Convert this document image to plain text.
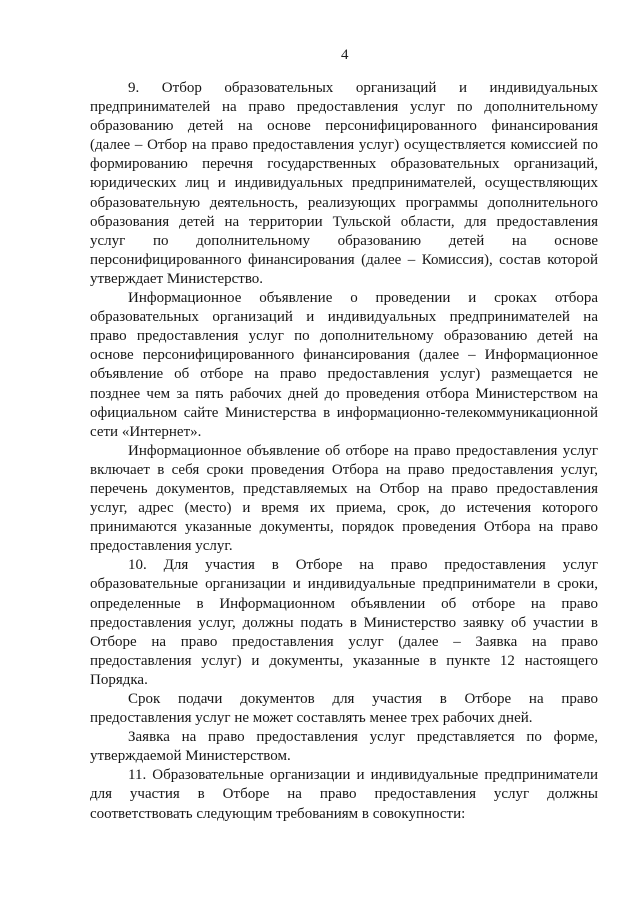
4
9. Отбор образовательных организаций и индивидуальных
предпринимателей на право предоставления услуг по дополнительному
образованию детей на основе персонифицированного финансирования
(далее – Отбор на право предоставления услуг) осуществляется комиссией по
формированию перечня государственных образовательных организаций,
юридических лиц и индивидуальных предпринимателей, осуществляющих
образовательную деятельность, реализующих программы дополнительного
образования детей на территории Тульской области, для предоставления
услуг по дополнительному образованию детей на основе
персонифицированного финансирования (далее – Комиссия), состав которой
утверждает Министерство.
Информационное объявление о проведении и сроках отбора
образовательных организаций и индивидуальных предпринимателей на
право предоставления услуг по дополнительному образованию детей на
основе персонифицированного финансирования (далее – Информационное
объявление об отборе на право предоставления услуг) размещается не
позднее чем за пять рабочих дней до проведения отбора Министерством на
официальном сайте Министерства в информационно-телекоммуникационной
сети «Интернет».
Информационное объявление об отборе на право предоставления услуг
включает в себя сроки проведения Отбора на право предоставления услуг,
перечень документов, представляемых на Отбор на право предоставления
услуг, адрес (место) и время их приема, срок, до истечения которого
принимаются указанные документы, порядок проведения Отбора на право
предоставления услуг.
10. Для участия в Отборе на право предоставления услуг
образовательные организации и индивидуальные предприниматели в сроки,
определенные в Информационном объявлении об отборе на право
предоставления услуг, должны подать в Министерство заявку об участии в
Отборе на право предоставления услуг (далее – Заявка на право
предоставления услуг) и документы, указанные в пункте 12 настоящего
Порядка.
Срок подачи документов для участия в Отборе на право
предоставления услуг не может составлять менее трех рабочих дней.
Заявка на право предоставления услуг представляется по форме,
утверждаемой Министерством.
11. Образовательные организации и индивидуальные предприниматели
для участия в Отборе на право предоставления услуг должны
соответствовать следующим требованиям в совокупности:
